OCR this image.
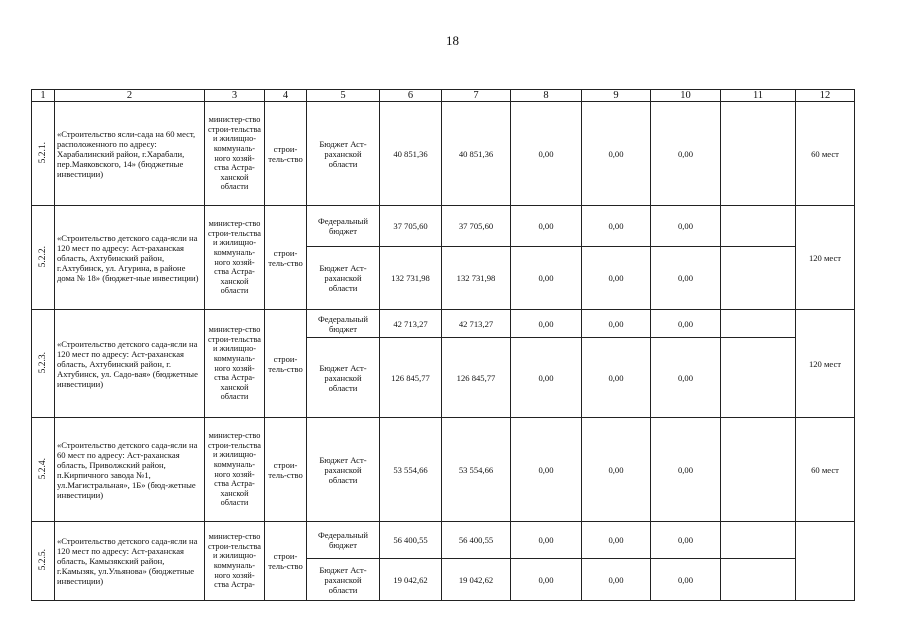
18
1	2	3	4	5	6	7	8	9	10	11	12
5.2.1.	«Строительство ясли-сада на 60 мест, расположенного по адресу: Харабалинский район, г.Харабали, пер.Маяковского, 14» (бюджетные инвестиции)	министер-ство строи-тельства и жилищно-коммуналь-ного хозяй-ства Астра-ханской области	строи-тель-ство	Бюджет Аст-раханской области	40 851,36	40 851,36	0,00	0,00	0,00		60 мест
5.2.2.	«Строительство детского сада-ясли на 120 мест по адресу: Аст-раханская область, Ахтубинский район, г.Ахтубинск, ул. Агурина, в районе дома № 18» (бюджет-ные инвестиции)	министер-ство строи-тельства и жилищно-коммуналь-ного хозяй-ства Астра-ханской области	строи-тель-ство	Федеральный бюджет	37 705,60	37 705,60	0,00	0,00	0,00		120 мест
				Бюджет Аст-раханской области	132 731,98	132 731,98	0,00	0,00	0,00		
5.2.3.	«Строительство детского сада-ясли на 120 мест по адресу: Аст-раханская область, Ахтубинский район, г. Ахтубинск, ул. Садо-вая» (бюджетные инвестиции)	министер-ство строи-тельства и жилищно-коммуналь-ного хозяй-ства Астра-ханской области	строи-тель-ство	Федеральный бюджет	42 713,27	42 713,27	0,00	0,00	0,00		120 мест
				Бюджет Аст-раханской области	126 845,77	126 845,77	0,00	0,00	0,00		
5.2.4.	«Строительство детского сада-ясли на 60 мест по адресу: Аст-раханская область, Приволжский район, п.Кирпичного завода №1, ул.Магистральная», 1Б» (бюд-жетные инвестиции)	министер-ство строи-тельства и жилищно-коммуналь-ного хозяй-ства Астра-ханской области	строи-тель-ство	Бюджет Аст-раханской области	53 554,66	53 554,66	0,00	0,00	0,00		60 мест
5.2.5.	«Строительство детского сада-ясли на 120 мест по адресу: Аст-раханская область, Камызякский район, г.Камызяк, ул.Ульянова» (бюджетные инвестиции)	министер-ство строи-тельства и жилищно-коммуналь-ного хозяй-ства Астра-	строи-тель-ство	Федеральный бюджет	56 400,55	56 400,55	0,00	0,00	0,00		
				Бюджет Аст-раханской области	19 042,62	19 042,62	0,00	0,00	0,00		
